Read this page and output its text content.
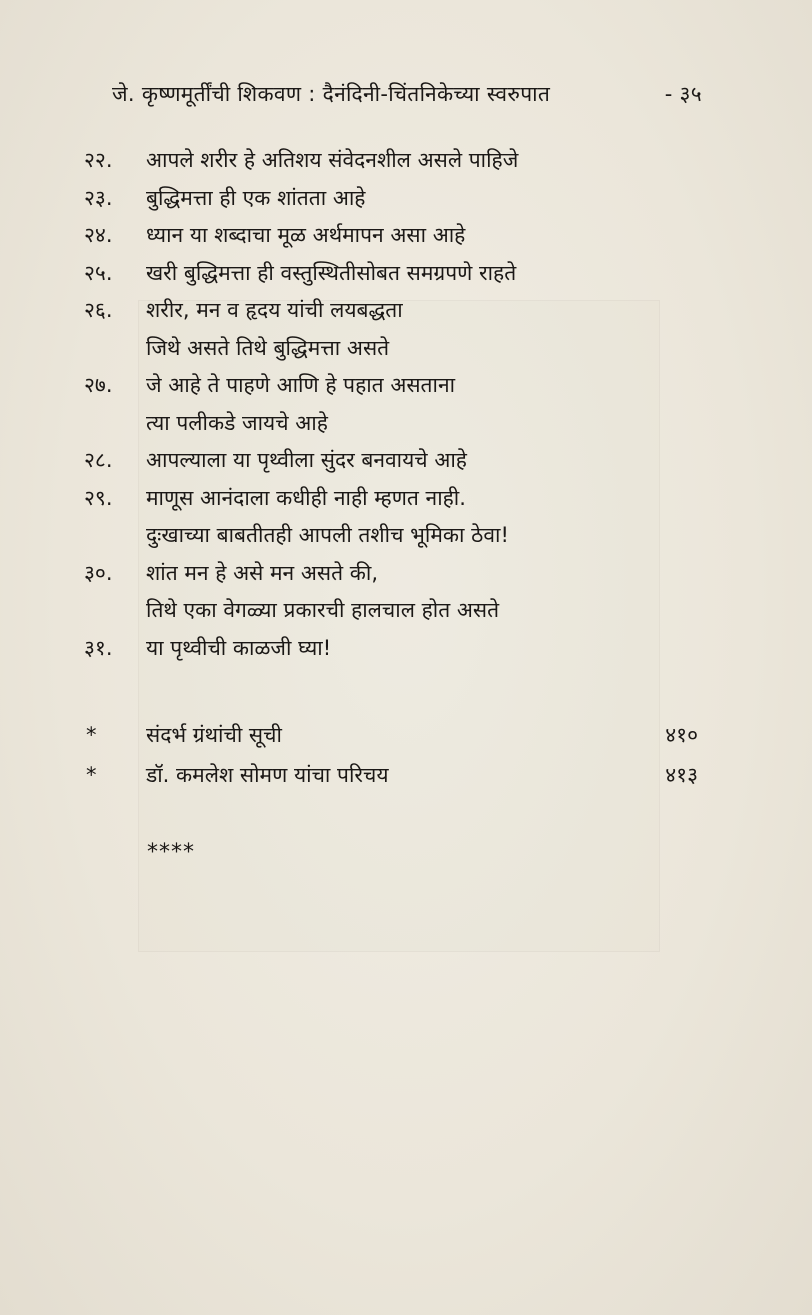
जे. कृष्णमूर्तींची शिकवण : दैनंदिनी-चिंतनिकेच्या स्वरुपात	- ३५
२२.	आपले शरीर हे अतिशय संवेदनशील असले पाहिजे
२३.	बुद्धिमत्ता ही एक शांतता आहे
२४.	ध्यान या शब्दाचा मूळ अर्थमापन असा आहे
२५.	खरी बुद्धिमत्ता ही वस्तुस्थितीसोबत समग्रपणे राहते
२६.	शरीर, मन व हृदय यांची लयबद्धता
जिथे असते तिथे बुद्धिमत्ता असते
२७.	जे आहे ते पाहणे आणि हे पहात असताना
त्या पलीकडे जायचे आहे
२८.	आपल्याला या पृथ्वीला सुंदर बनवायचे आहे
२९.	माणूस आनंदाला कधीही नाही म्हणत नाही.
दुःखाच्या बाबतीतही आपली तशीच भूमिका ठेवा!
३०.	शांत मन हे असे मन असते की,
तिथे एका वेगळ्या प्रकारची हालचाल होत असते
३१.	या पृथ्वीची काळजी घ्या!
* संदर्भ ग्रंथांची सूची	४१०
* डॉ. कमलेश सोमण यांचा परिचय	४१३
****
